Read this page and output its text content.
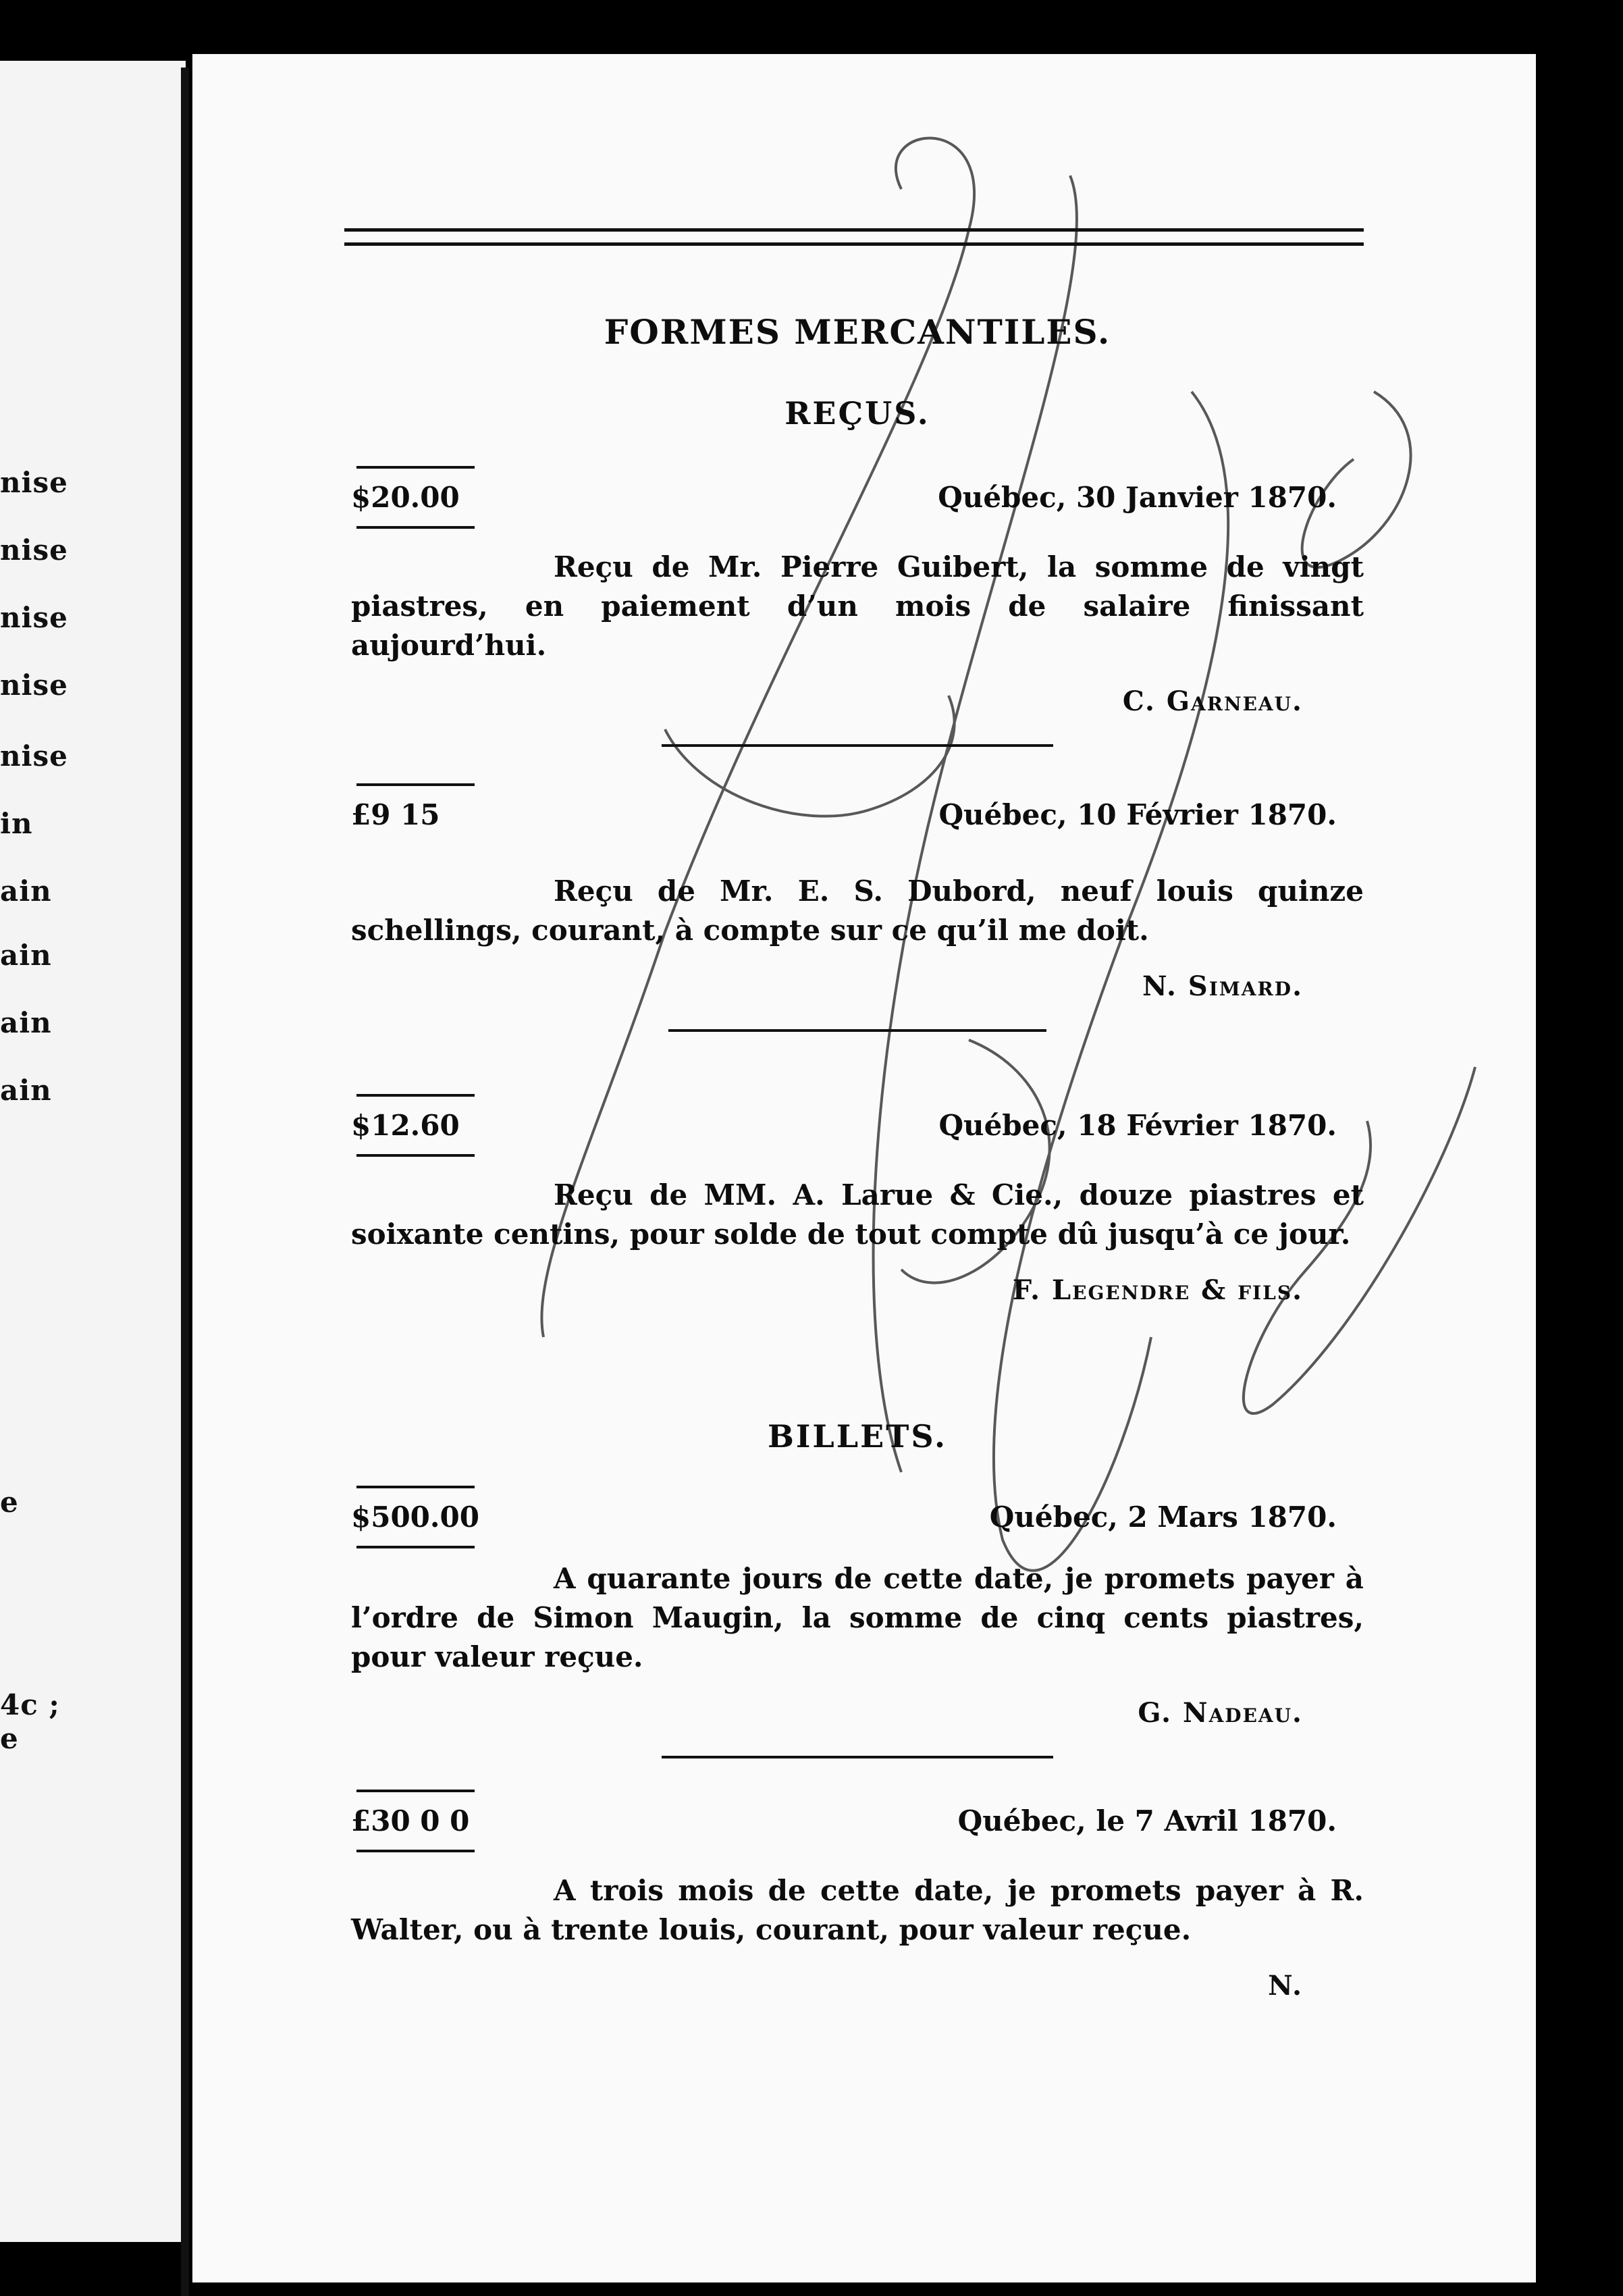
nise
nise
nise
nise
nise
in
ain
ain
ain
ain
e
4c ;
e
FORMES MERCANTILES.
REÇUS.
$20.00	Québec, 30 Janvier 1870.
Reçu de Mr. Pierre Guibert, la somme de vingt piastres, en paiement d’un mois de salaire finissant aujourd’hui.
C. Garneau.
£9 15	Québec, 10 Février 1870.
Reçu de Mr. E. S. Dubord, neuf louis quinze schellings, courant, à compte sur ce qu’il me doit.
N. Simard.
$12.60	Québec, 18 Février 1870.
Reçu de MM. A. Larue & Cie., douze piastres et soixante centins, pour solde de tout compte dû jusqu’à ce jour.
F. Legendre & fils.
BILLETS.
$500.00	Québec, 2 Mars 1870.
A quarante jours de cette date, je promets payer à l’ordre de Simon Maugin, la somme de cinq cents piastres, pour valeur reçue.
G. Nadeau.
£30 0 0	Québec, le 7 Avril 1870.
A trois mois de cette date, je promets payer à R. Walter, ou à trente louis, courant, pour valeur reçue.
N.
